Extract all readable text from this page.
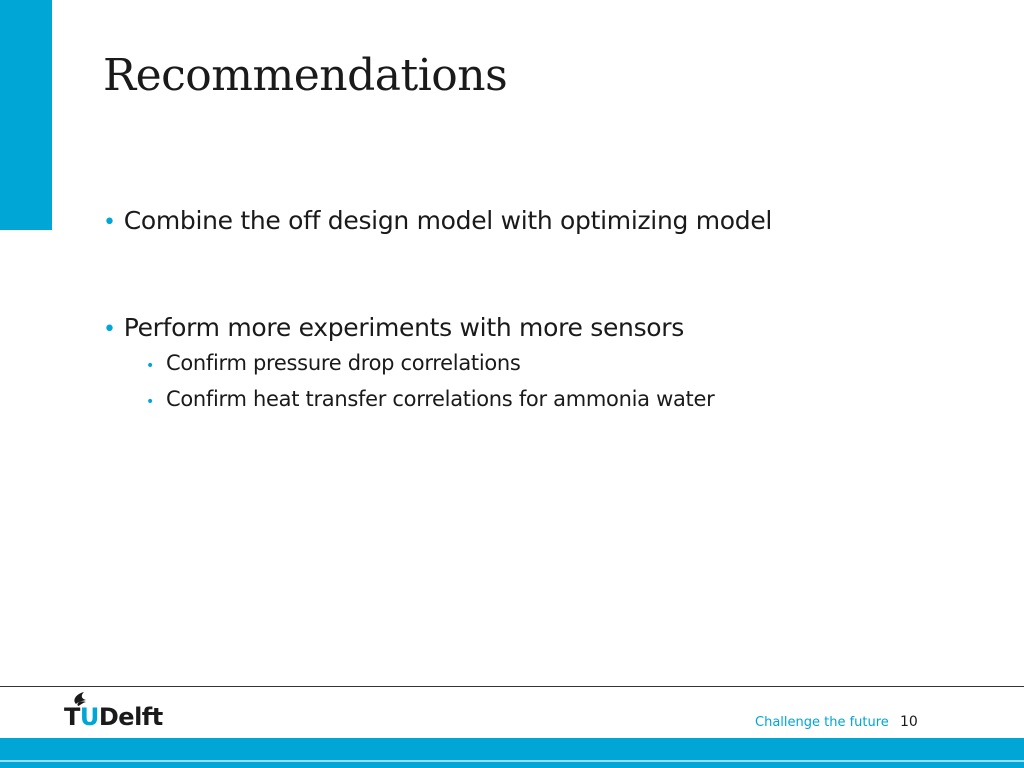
Recommendations
• Combine the off design model with optimizing model
• Perform more experiments with more sensors
• Confirm pressure drop correlations
• Confirm heat transfer correlations for ammonia water
TUDelft	Challenge the future 10
